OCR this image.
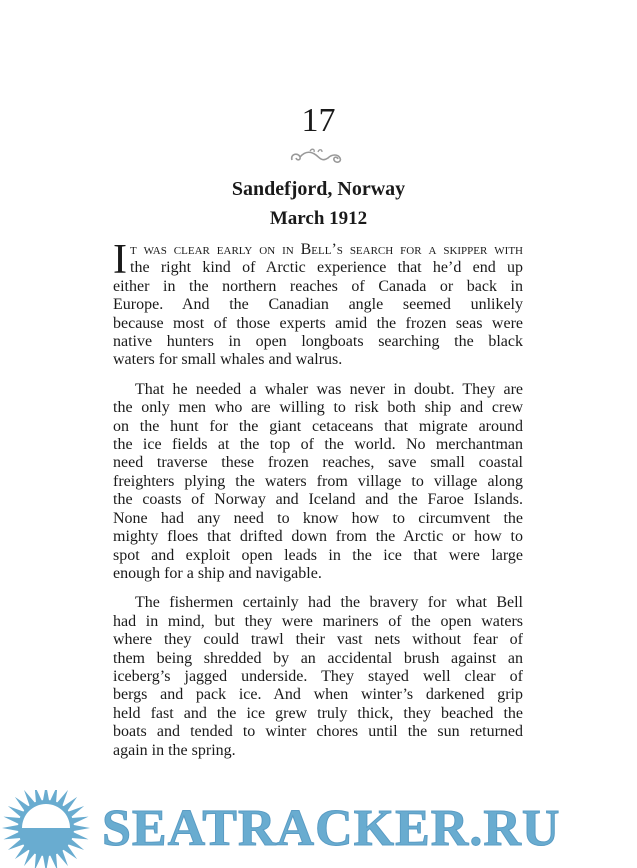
17
Sandefjord, Norway
March 1912
I t was clear early on in Bell’s search for a skipper with
the right kind of Arctic experience that he’d end up
either in the northern reaches of Canada or back in
Europe. And the Canadian angle seemed unlikely
because most of those experts amid the frozen seas were
native hunters in open longboats searching the black
waters for small whales and walrus.
That he needed a whaler was never in doubt. They are
the only men who are willing to risk both ship and crew
on the hunt for the giant cetaceans that migrate around
the ice fields at the top of the world. No merchantman
need traverse these frozen reaches, save small coastal
freighters plying the waters from village to village along
the coasts of Norway and Iceland and the Faroe Islands.
None had any need to know how to circumvent the
mighty floes that drifted down from the Arctic or how to
spot and exploit open leads in the ice that were large
enough for a ship and navigable.
The fishermen certainly had the bravery for what Bell
had in mind, but they were mariners of the open waters
where they could trawl their vast nets without fear of
them being shredded by an accidental brush against an
iceberg’s jagged underside. They stayed well clear of
bergs and pack ice. And when winter’s darkened grip
held fast and the ice grew truly thick, they beached the
boats and tended to winter chores until the sun returned
again in the spring.
SEATRACKER.RU
